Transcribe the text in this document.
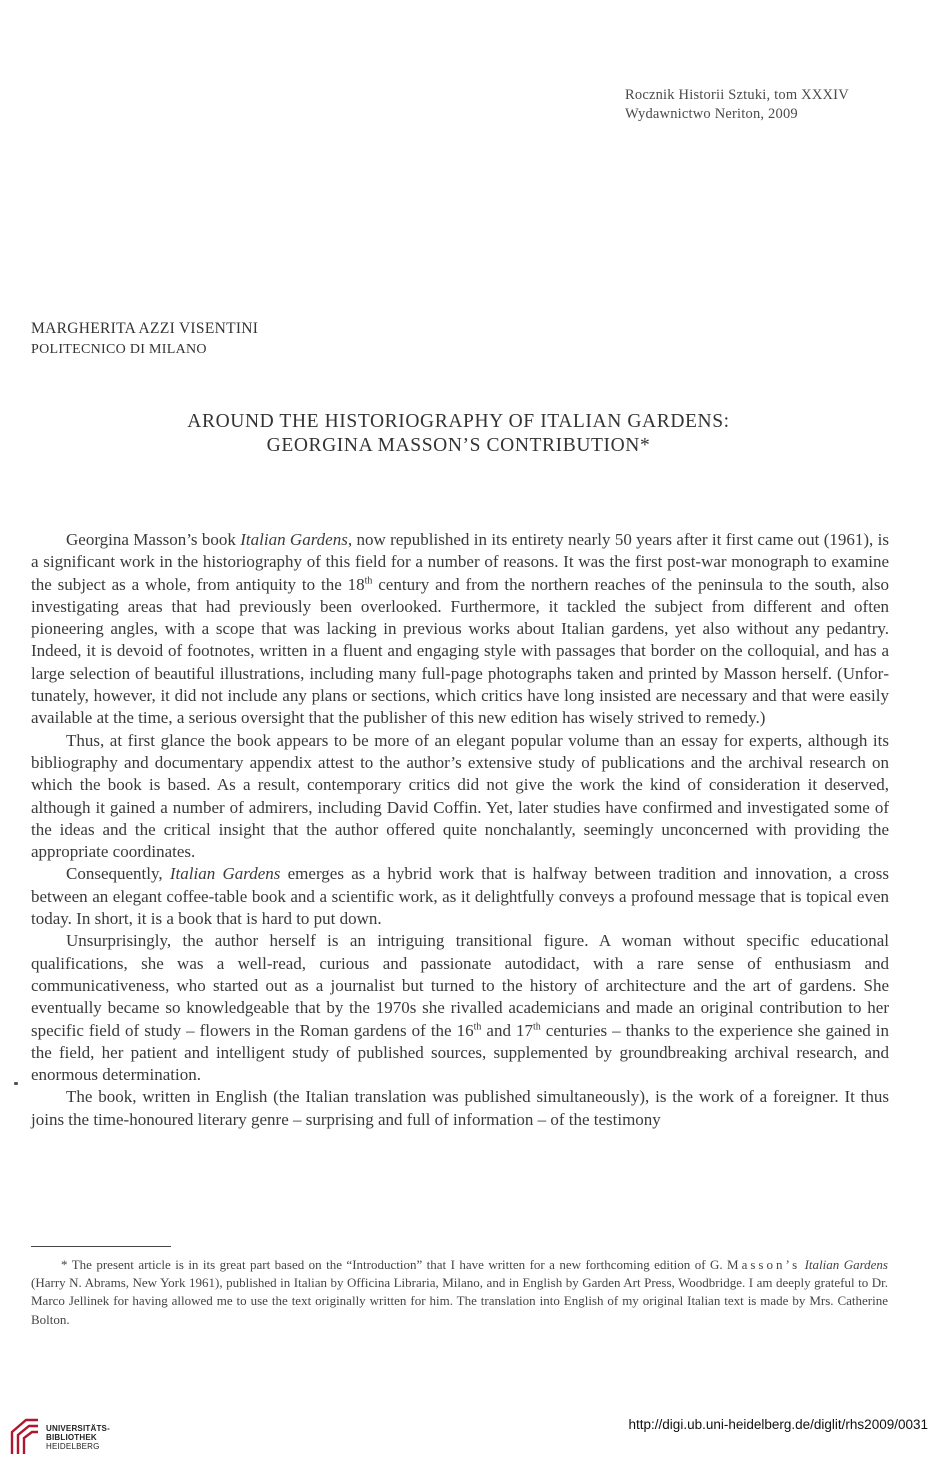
Rocznik Historii Sztuki, tom XXXIV
Wydawnictwo Neriton, 2009
MARGHERITA AZZI VISENTINI
POLITECNICO DI MILANO
AROUND THE HISTORIOGRAPHY OF ITALIAN GARDENS:
GEORGINA MASSON’S CONTRIBUTION*

Georgina Masson’s book Italian Gardens, now republished in its entirety nearly 50 years after it first came out (1961), is a significant work in the historiography of this field for a number of reasons. It was the first post-war monograph to examine the subject as a whole, from antiquity to the 18th century and from the northern reaches of the peninsula to the south, also investigating areas that had previously been overlooked. Furthermore, it tackled the subject from different and often pioneering angles, with a scope that was lacking in previous works about Italian gardens, yet also without any pedantry. Indeed, it is devoid of footnotes, written in a fluent and engaging style with passages that border on the colloquial, and has a large selection of beautiful illustrations, including many full-page photographs taken and printed by Masson herself. (Unfortunately, however, it did not include any plans or sections, which critics have long insisted are necessary and that were easily available at the time, a serious oversight that the publisher of this new edition has wisely strived to remedy.)

Thus, at first glance the book appears to be more of an elegant popular volume than an essay for experts, although its bibliography and documentary appendix attest to the author’s extensive study of publications and the archival research on which the book is based. As a result, contemporary critics did not give the work the kind of consideration it deserved, although it gained a number of admirers, including David Coffin. Yet, later studies have confirmed and investigated some of the ideas and the critical insight that the author offered quite nonchalantly, seemingly unconcerned with providing the appropriate coordinates.

Consequently, Italian Gardens emerges as a hybrid work that is halfway between tradition and innovation, a cross between an elegant coffee-table book and a scientific work, as it delightfully conveys a profound message that is topical even today. In short, it is a book that is hard to put down.

Unsurprisingly, the author herself is an intriguing transitional figure. A woman without specific educational qualifications, she was a well-read, curious and passionate autodidact, with a rare sense of enthusiasm and communicativeness, who started out as a journalist but turned to the history of architecture and the art of gardens. She eventually became so knowledgeable that by the 1970s she rivalled academicians and made an original contribution to her specific field of study – flowers in the Roman gardens of the 16th and 17th centuries – thanks to the experience she gained in the field, her patient and intelligent study of published sources, supplemented by groundbreaking archival research, and enormous determination.

The book, written in English (the Italian translation was published simultaneously), is the work of a foreigner. It thus joins the time-honoured literary genre – surprising and full of information – of the testimony

* The present article is in its great part based on the “Introduction” that I have written for a new forthcoming edition of G. Masson’s Italian Gardens (Harry N. Abrams, New York 1961), published in Italian by Officina Libraria, Milano, and in English by Garden Art Press, Woodbridge. I am deeply grateful to Dr. Marco Jellinek for having allowed me to use the text originally written for him. The translation into English of my original Italian text is made by Mrs. Catherine Bolton.

UNIVERSITÄTS-
BIBLIOTHEK
HEIDELBERG
http://digi.ub.uni-heidelberg.de/diglit/rhs2009/0031
